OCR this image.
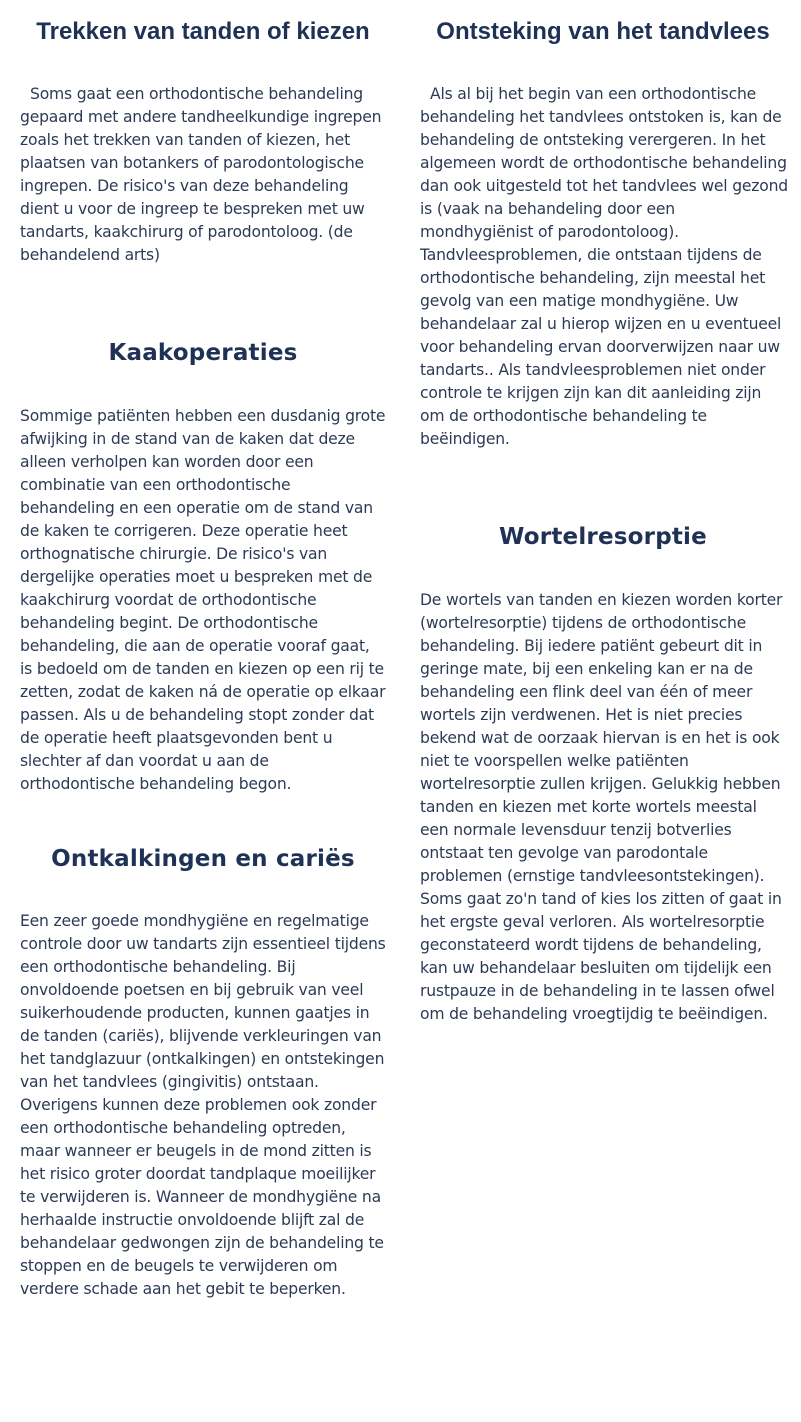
Trekken van tanden of kiezen

Soms gaat een orthodontische behandeling gepaard met andere tandheelkundige ingrepen zoals het trekken van tanden of kiezen, het plaatsen van botankers of parodontologische ingrepen. De risico's van deze behandeling dient u voor de ingreep te bespreken met uw tandarts, kaakchirurg of parodontoloog. (de behandelend arts)

Kaakoperaties

Sommige patiënten hebben een dusdanig grote afwijking in de stand van de kaken dat deze alleen verholpen kan worden door een combinatie van een orthodontische behandeling en een operatie om de stand van de kaken te corrigeren. Deze operatie heet orthognatische chirurgie. De risico's van dergelijke operaties moet u bespreken met de kaakchirurg voordat de orthodontische behandeling begint. De orthodontische behandeling, die aan de operatie vooraf gaat, is bedoeld om de tanden en kiezen op een rij te zetten, zodat de kaken ná de operatie op elkaar passen. Als u de behandeling stopt zonder dat de operatie heeft plaatsgevonden bent u slechter af dan voordat u aan de orthodontische behandeling begon.

Ontkalkingen en cariës

Een zeer goede mondhygiëne en regelmatige controle door uw tandarts zijn essentieel tijdens een orthodontische behandeling. Bij onvoldoende poetsen en bij gebruik van veel suikerhoudende producten, kunnen gaatjes in de tanden (cariës), blijvende verkleuringen van het tandglazuur (ontkalkingen) en ontstekingen van het tandvlees (gingivitis) ontstaan. Overigens kunnen deze problemen ook zonder een orthodontische behandeling optreden, maar wanneer er beugels in de mond zitten is het risico groter doordat tandplaque moeilijker te verwijderen is. Wanneer de mondhygiëne na herhaalde instructie onvoldoende blijft zal de behandelaar gedwongen zijn de behandeling te stoppen en de beugels te verwijderen om verdere schade aan het gebit te beperken.

Ontsteking van het tandvlees

Als al bij het begin van een orthodontische behandeling het tandvlees ontstoken is, kan de behandeling de ontsteking verergeren. In het algemeen wordt de orthodontische behandeling dan ook uitgesteld tot het tandvlees wel gezond is (vaak na behandeling door een mondhygiënist of parodontoloog). Tandvleesproblemen, die ontstaan tijdens de orthodontische behandeling, zijn meestal het gevolg van een matige mondhygiëne. Uw behandelaar zal u hierop wijzen en u eventueel voor behandeling ervan doorverwijzen naar uw tandarts.. Als tandvleesproblemen niet onder controle te krijgen zijn kan dit aanleiding zijn om de orthodontische behandeling te beëindigen.

Wortelresorptie

De wortels van tanden en kiezen worden korter (wortelresorptie) tijdens de orthodontische behandeling. Bij iedere patiënt gebeurt dit in geringe mate, bij een enkeling kan er na de behandeling een flink deel van één of meer wortels zijn verdwenen. Het is niet precies bekend wat de oorzaak hiervan is en het is ook niet te voorspellen welke patiënten wortelresorptie zullen krijgen. Gelukkig hebben tanden en kiezen met korte wortels meestal een normale levensduur tenzij botverlies ontstaat ten gevolge van parodontale problemen (ernstige tandvleesontstekingen). Soms gaat zo'n tand of kies los zitten of gaat in het ergste geval verloren. Als wortelresorptie geconstateerd wordt tijdens de behandeling, kan uw behandelaar besluiten om tijdelijk een rustpauze in de behandeling in te lassen ofwel om de behandeling vroegtijdig te beëindigen.
